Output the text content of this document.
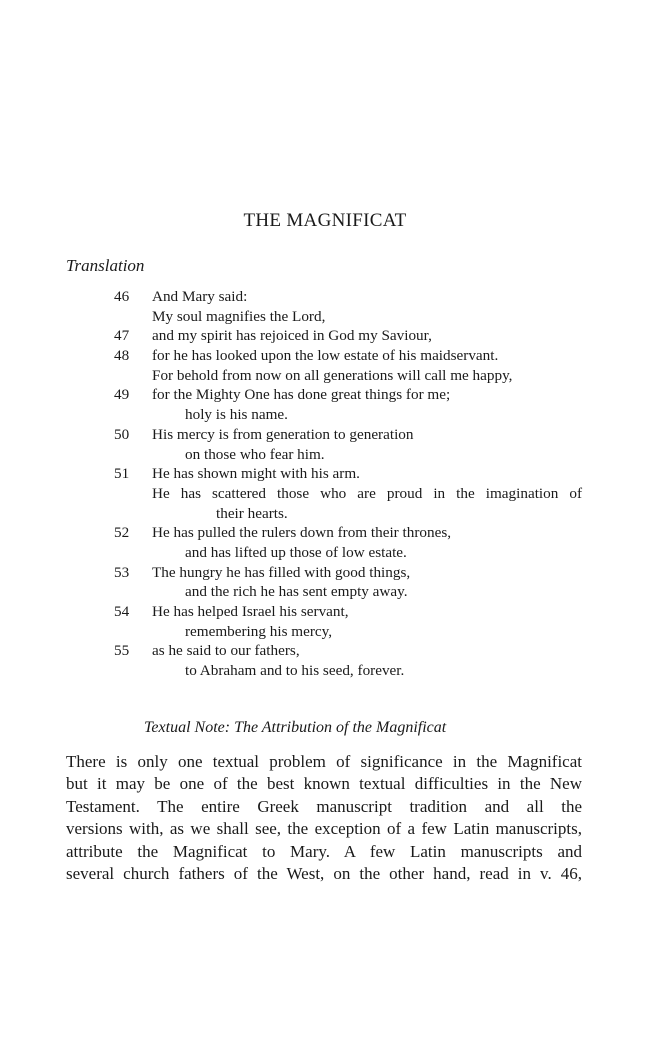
THE MAGNIFICAT
Translation
46	And Mary said:
My soul magnifies the Lord,
47	and my spirit has rejoiced in God my Saviour,
48	for he has looked upon the low estate of his maidservant.
For behold from now on all generations will call me happy,
49	for the Mighty One has done great things for me;
holy is his name.
50	His mercy is from generation to generation
on those who fear him.
51	He has shown might with his arm.
He has scattered those who are proud in the imagination of
their hearts.
52	He has pulled the rulers down from their thrones,
and has lifted up those of low estate.
53	The hungry he has filled with good things,
and the rich he has sent empty away.
54	He has helped Israel his servant,
remembering his mercy,
55	as he said to our fathers,
to Abraham and to his seed, forever.
Textual Note: The Attribution of the Magnificat
There is only one textual problem of significance in the Magnificat
but it may be one of the best known textual difficulties in the New
Testament. The entire Greek manuscript tradition and all the
versions with, as we shall see, the exception of a few Latin manuscripts,
attribute the Magnificat to Mary. A few Latin manuscripts and
several church fathers of the West, on the other hand, read in v. 46,
